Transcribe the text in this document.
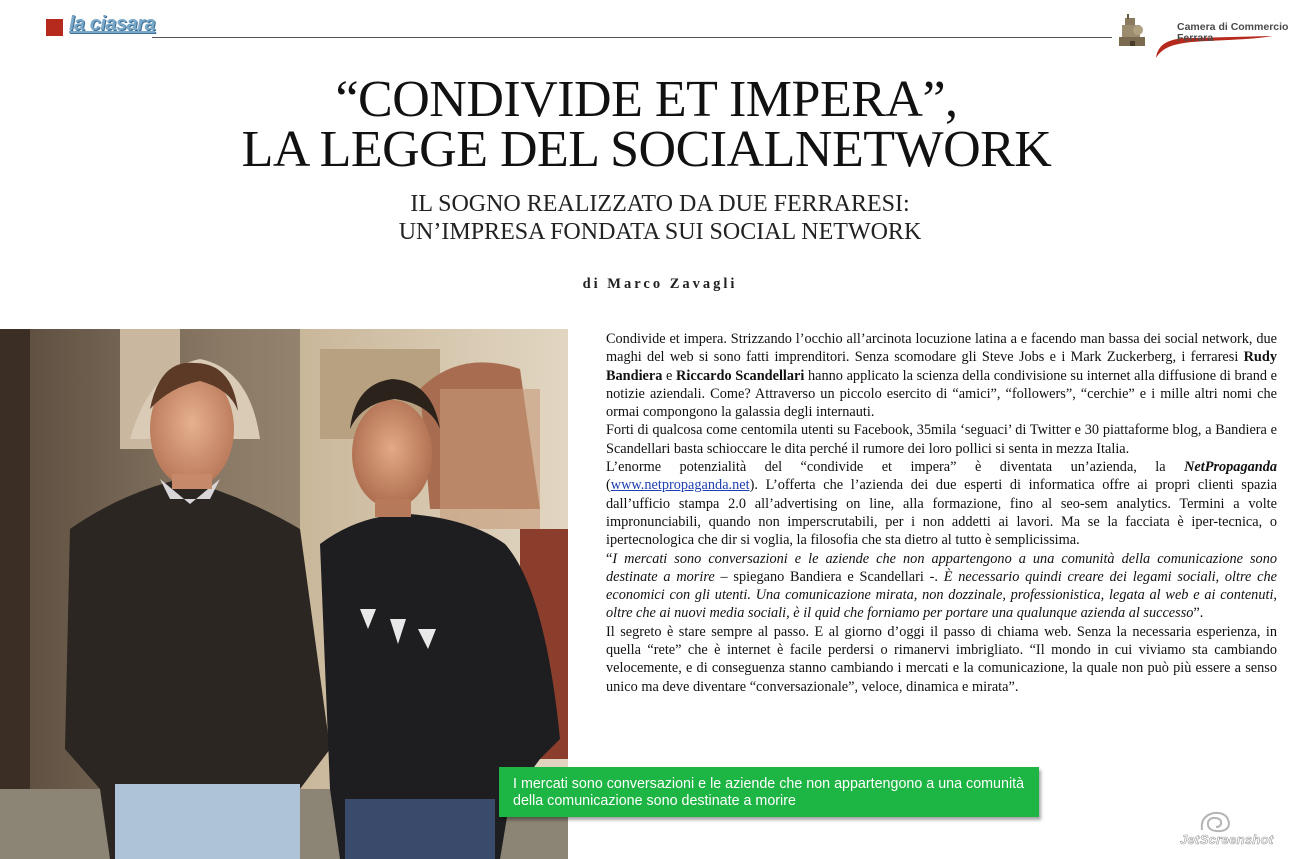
la ciasara	Camera di Commercio
Ferrara
“CONDIVIDE ET IMPERA”,
LA LEGGE DEL SOCIALNETWORK
IL SOGNO REALIZZATO DA DUE FERRARESI:
UN’IMPRESA FONDATA SUI SOCIAL NETWORK
di Marco Zavagli

Condivide et impera. Strizzando l’occhio all’arcinota locuzione latina a e facendo man bassa dei social network, due maghi del web si sono fatti imprenditori. Senza scomodare gli Steve Jobs e i Mark Zuckerberg, i ferraresi Rudy Bandiera e Riccardo Scandellari hanno applicato la scienza della condivisione su internet alla diffusione di brand e notizie aziendali. Come? Attraverso un piccolo esercito di “amici”, “followers”, “cerchie” e i mille altri nomi che ormai compongono la galassia degli internauti.

Forti di qualcosa come centomila utenti su Facebook, 35mila ‘seguaci’ di Twitter e 30 piattaforme blog, a Bandiera e Scandellari basta schioccare le dita perché il rumore dei loro pollici si senta in mezza Italia.

L’enorme potenzialità del “condivide et impera” è diventata un’azienda, la NetPropaganda (www.netpropaganda.net). L’offerta che l’azienda dei due esperti di informatica offre ai propri clienti spazia dall’ufficio stampa 2.0 all’advertising on line, alla formazione, fino al seo-sem analytics. Termini a volte impronunciabili, quando non imperscrutabili, per i non addetti ai lavori. Ma se la facciata è iper-tecnica, o ipertecnologica che dir si voglia, la filosofia che sta dietro al tutto è semplicissima.

“I mercati sono conversazioni e le aziende che non appartengono a una comunità della comunicazione sono destinate a morire – spiegano Bandiera e Scandellari -. È necessario quindi creare dei legami sociali, oltre che economici con gli utenti. Una comunicazione mirata, non dozzinale, professionistica, legata al web e ai contenuti, oltre che ai nuovi media sociali, è il quid che forniamo per portare una qualunque azienda al successo”.

Il segreto è stare sempre al passo. E al giorno d’oggi il passo di chiama web. Senza la necessaria esperienza, in quella “rete” che è internet è facile perdersi o rimanervi imbrigliato. “Il mondo in cui viviamo sta cambiando velocemente, e di conseguenza stanno cambiando i mercati e la comunicazione, la quale non può più essere a senso unico ma deve diventare “conversazionale”, veloce, dinamica e mirata”.

I mercati sono conversazioni e le aziende che non appartengono a una comunità della comunicazione sono destinate a morire
JetScreenshot
